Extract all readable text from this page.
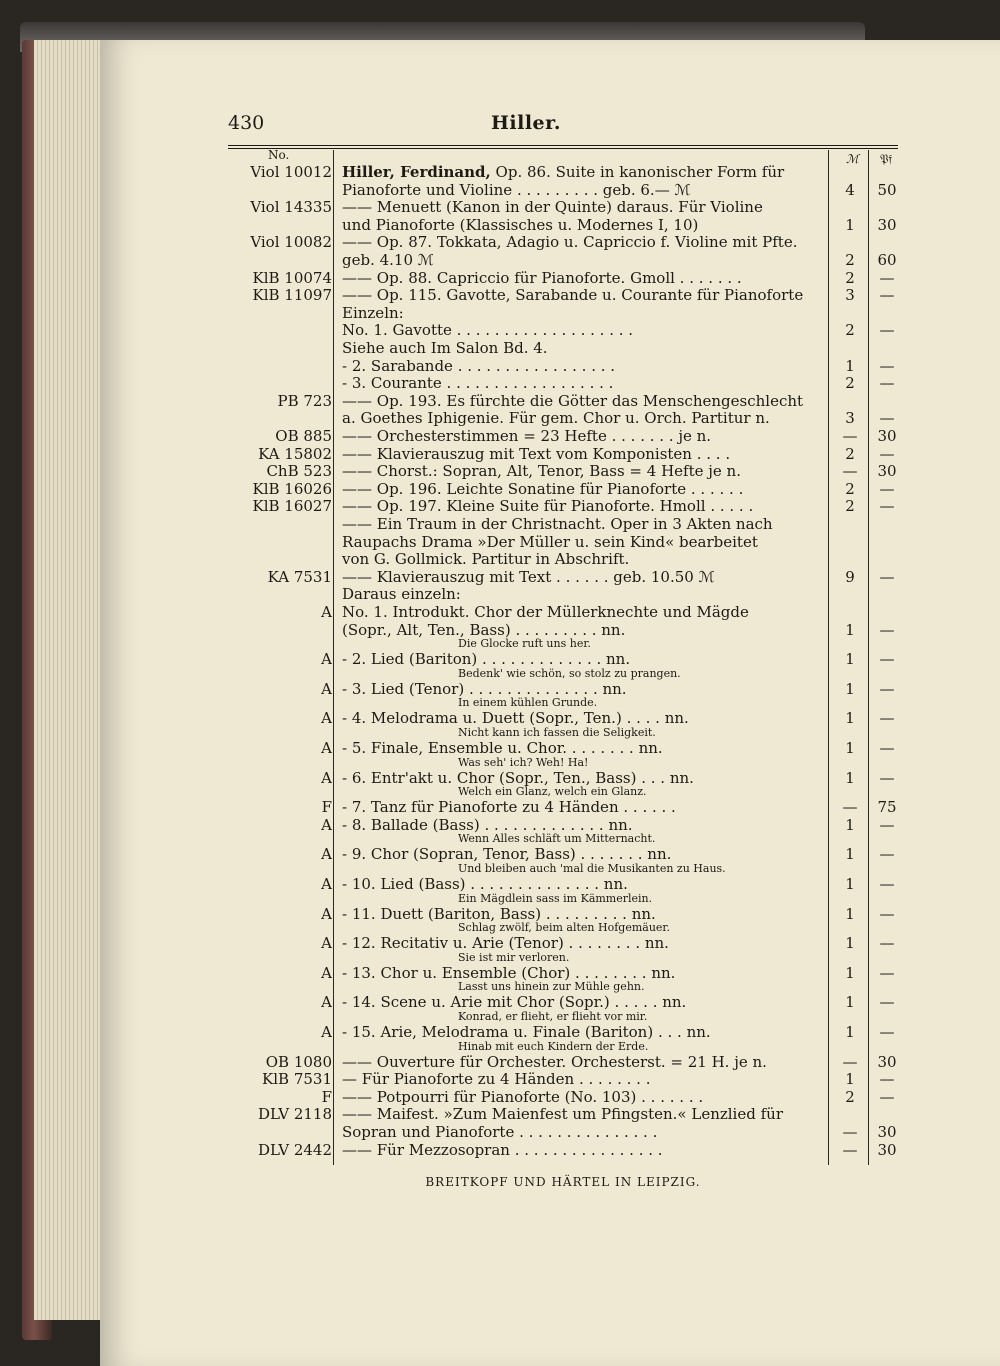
430	Hiller.
No.	ℳ 𝔓𝔣
Viol 10012 Hiller, Ferdinand, Op. 86. Suite in kanonischer Form für
Pianoforte und Violine . . . . . . . . . geb. 6.— ℳ	4	50
Viol 14335 —— Menuett (Kanon in der Quinte) daraus. Für Violine
und Pianoforte (Klassisches u. Modernes I, 10)	1	30
Viol 10082 —— Op. 87. Tokkata, Adagio u. Capriccio f. Violine mit Pfte.
geb. 4.10 ℳ	2	60
KlB 10074 —— Op. 88. Capriccio für Pianoforte. Gmoll . . . . . . .	2	—
KlB 11097 —— Op. 115. Gavotte, Sarabande u. Courante für Pianoforte	3	—
Einzeln:
No. 1. Gavotte . . . . . . . . . . . . . . . . . . .	2	—
Siehe auch Im Salon Bd. 4.
- 2. Sarabande . . . . . . . . . . . . . . . . .	1	—
- 3. Courante . . . . . . . . . . . . . . . . . .	2	—
PB 723 —— Op. 193. Es fürchte die Götter das Menschengeschlecht
a. Goethes Iphigenie. Für gem. Chor u. Orch. Partitur n.	3	—
OB 885 —— Orchesterstimmen = 23 Hefte . . . . . . . je n.	—	30
KA 15802 —— Klavierauszug mit Text vom Komponisten . . . .	2	—
ChB 523 —— Chorst.: Sopran, Alt, Tenor, Bass = 4 Hefte je n.	—	30
KlB 16026 —— Op. 196. Leichte Sonatine für Pianoforte . . . . . .	2	—
KlB 16027 —— Op. 197. Kleine Suite für Pianoforte. Hmoll . . . . .	2	—
—— Ein Traum in der Christnacht. Oper in 3 Akten nach
Raupachs Drama »Der Müller u. sein Kind« bearbeitet
von G. Gollmick. Partitur in Abschrift.
KA 7531 —— Klavierauszug mit Text . . . . . . geb. 10.50 ℳ	9	—
Daraus einzeln:
A No. 1. Introdukt. Chor der Müllerknechte und Mägde
(Sopr., Alt, Ten., Bass) . . . . . . . . . nn.	1	—
Die Glocke ruft uns her.
A - 2. Lied (Bariton) . . . . . . . . . . . . . nn.	1	—
Bedenk' wie schön, so stolz zu prangen.
A - 3. Lied (Tenor) . . . . . . . . . . . . . . nn.	1	—
In einem kühlen Grunde.
A - 4. Melodrama u. Duett (Sopr., Ten.) . . . . nn.	1	—
Nicht kann ich fassen die Seligkeit.
A - 5. Finale, Ensemble u. Chor. . . . . . . . nn.	1	—
Was seh' ich? Weh! Ha!
A - 6. Entr'akt u. Chor (Sopr., Ten., Bass) . . . nn.	1	—
Welch ein Glanz, welch ein Glanz.
F - 7. Tanz für Pianoforte zu 4 Händen . . . . . .	—	75
A - 8. Ballade (Bass) . . . . . . . . . . . . . nn.	1	—
Wenn Alles schläft um Mitternacht.
A - 9. Chor (Sopran, Tenor, Bass) . . . . . . . nn.	1	—
Und bleiben auch 'mal die Musikanten zu Haus.
A - 10. Lied (Bass) . . . . . . . . . . . . . . nn.	1	—
Ein Mägdlein sass im Kämmerlein.
A - 11. Duett (Bariton, Bass) . . . . . . . . . nn.	1	—
Schlag zwölf, beim alten Hofgemäuer.
A - 12. Recitativ u. Arie (Tenor) . . . . . . . . nn.	1	—
Sie ist mir verloren.
A - 13. Chor u. Ensemble (Chor) . . . . . . . . nn.	1	—
Lasst uns hinein zur Mühle gehn.
A - 14. Scene u. Arie mit Chor (Sopr.) . . . . . nn.	1	—
Konrad, er flieht, er flieht vor mir.
A - 15. Arie, Melodrama u. Finale (Bariton) . . . nn.	1	—
Hinab mit euch Kindern der Erde.
OB 1080 —— Ouverture für Orchester. Orchesterst. = 21 H. je n.	—	30
KlB 7531 — Für Pianoforte zu 4 Händen . . . . . . . .	1	—
F —— Potpourri für Pianoforte (No. 103) . . . . . . .	2	—
DLV 2118 —— Maifest. »Zum Maienfest um Pfingsten.« Lenzlied für
Sopran und Pianoforte . . . . . . . . . . . . . . .	—	30
DLV 2442 —— Für Mezzosopran . . . . . . . . . . . . . . . .	—	30
BREITKOPF UND HÄRTEL IN LEIPZIG.
